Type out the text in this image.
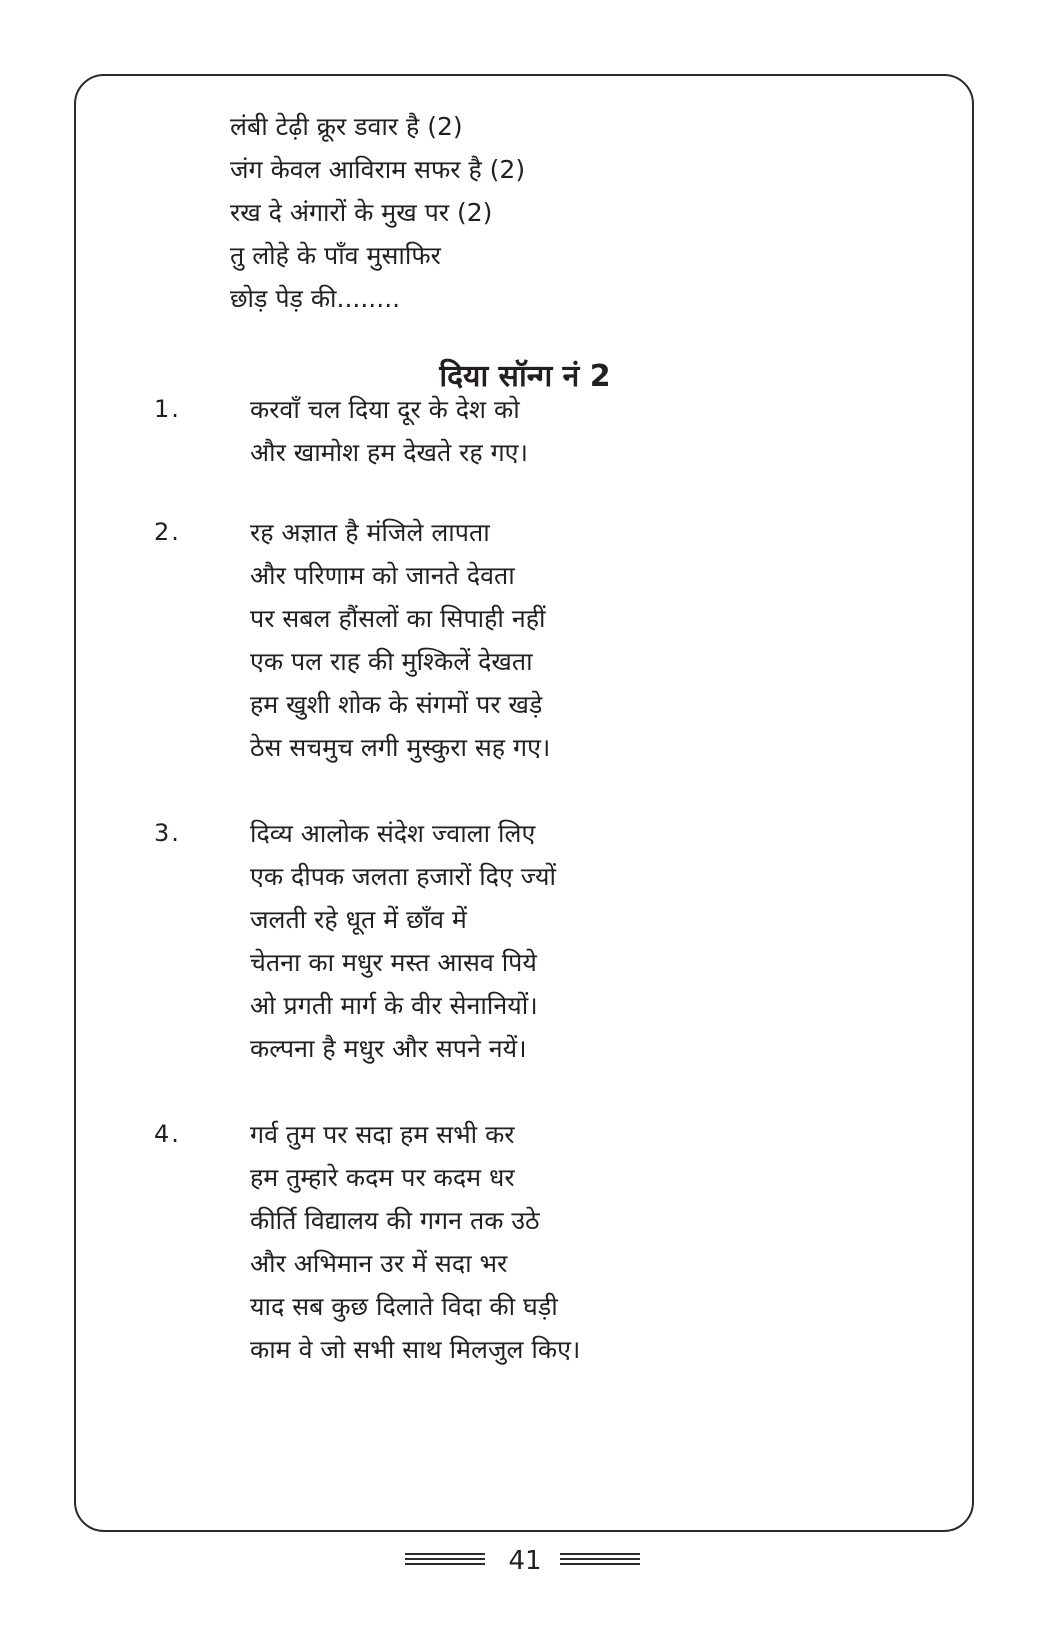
लंबी टेढ़ी क्रूर डवार है (2)
जंग केवल आविराम सफर है (2)
रख दे अंगारों के मुख पर (2)
तु लोहे के पाँव मुसाफिर
छोड़ पेड़ की........
दिया सॉन्ग नं 2
1.	करवाँ चल दिया दूर के देश को
और खामोश हम देखते रह गए।
2.	रह अज्ञात है मंजिले लापता
और परिणाम को जानते देवता
पर सबल हौंसलों का सिपाही नहीं
एक पल राह की मुश्किलें देखता
हम खुशी शोक के संगमों पर खड़े
ठेस सचमुच लगी मुस्कुरा सह गए।
3.	दिव्य आलोक संदेश ज्वाला लिए
एक दीपक जलता हजारों दिए ज्यों
जलती रहे धूत में छाँव में
चेतना का मधुर मस्त आसव पिये
ओ प्रगती मार्ग के वीर सेनानियों।
कल्पना है मधुर और सपने नयें।
4.	गर्व तुम पर सदा हम सभी कर
हम तुम्हारे कदम पर कदम धर
कीर्ति विद्यालय की गगन तक उठे
और अभिमान उर में सदा भर
याद सब कुछ दिलाते विदा की घड़ी
काम वे जो सभी साथ मिलजुल किए।
41
